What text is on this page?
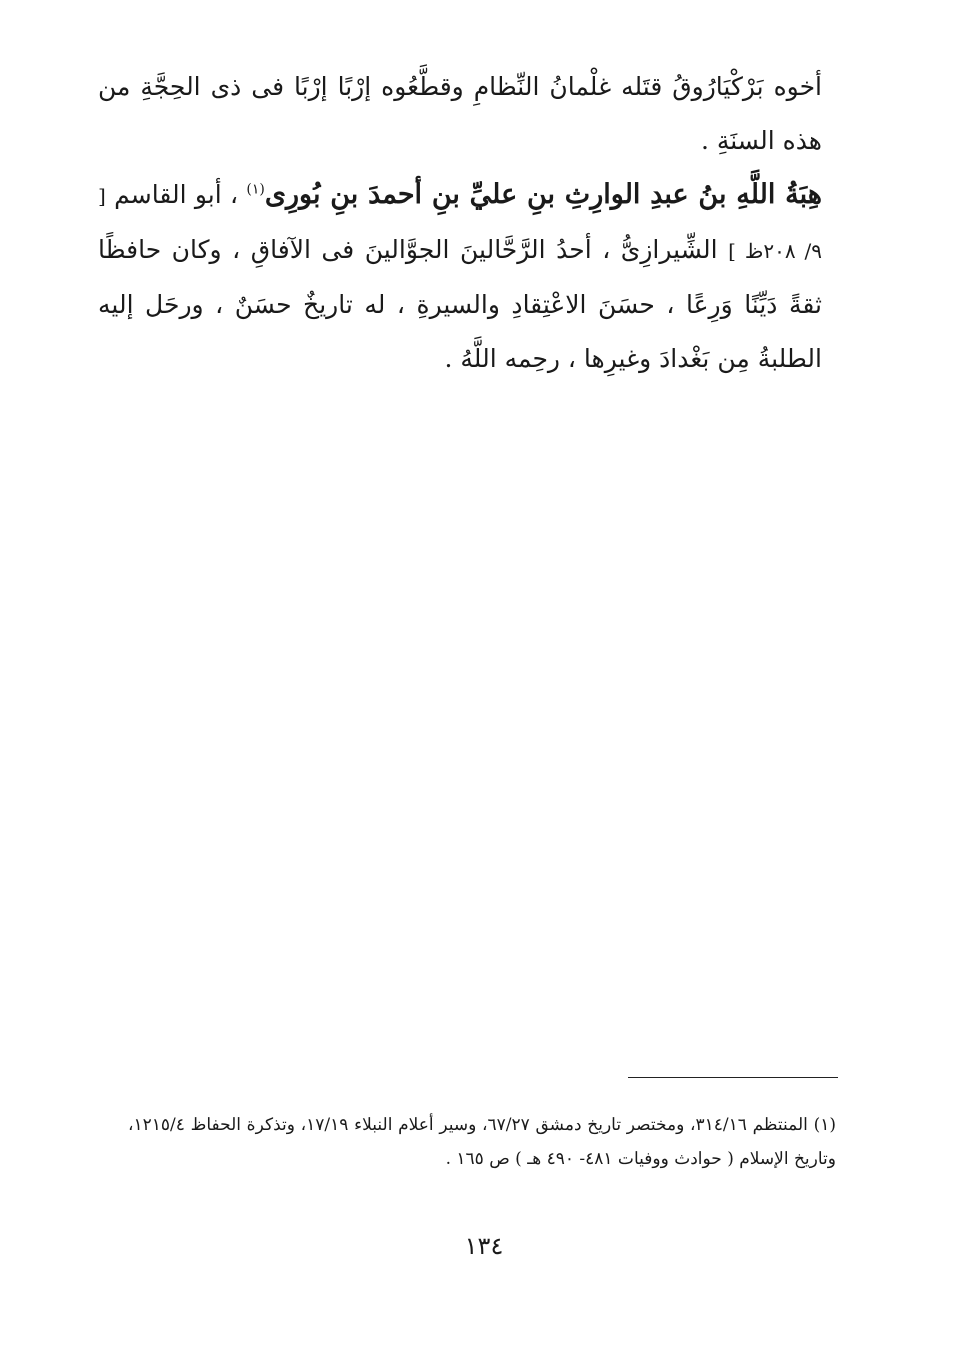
أخوه بَرْكْيَارُوقُ قتَله غلْمانُ النِّظامِ وقطَّعُوه إرْبًا إرْبًا فى ذى الحِجَّةِ من هذه السنَةِ .

هِبَةُ اللَّهِ بنُ عبدِ الوارِثِ بنِ عليِّ بنِ أحمدَ بنِ بُورِى$^{(١)}$ ، أبو القاسم [ ٩/ ٢٠٨ظ ] الشِّيرازِىُّ ، أحدُ الرَّحَّالينَ الجوَّالينَ فى الآفاقِ ، وكان حافظًا ثقةً دَيِّنًا وَرِعًا ، حسَنَ الاعْتِقادِ والسيرةِ ، له تاريخٌ حسَنٌ ، ورحَل إليه الطلبةُ مِن بَغْدادَ وغيرِها ، رحِمه اللَّهُ .

(١) المنتظم ٣١٤/١٦، ومختصر تاريخ دمشق ٦٧/٢٧، وسير أعلام النبلاء ١٧/١٩، وتذكرة الحفاظ ١٢١٥/٤، وتاريخ الإسلام ( حوادث ووفيات ٤٨١- ٤٩٠ هـ ) ص ١٦٥ .

١٣٤
